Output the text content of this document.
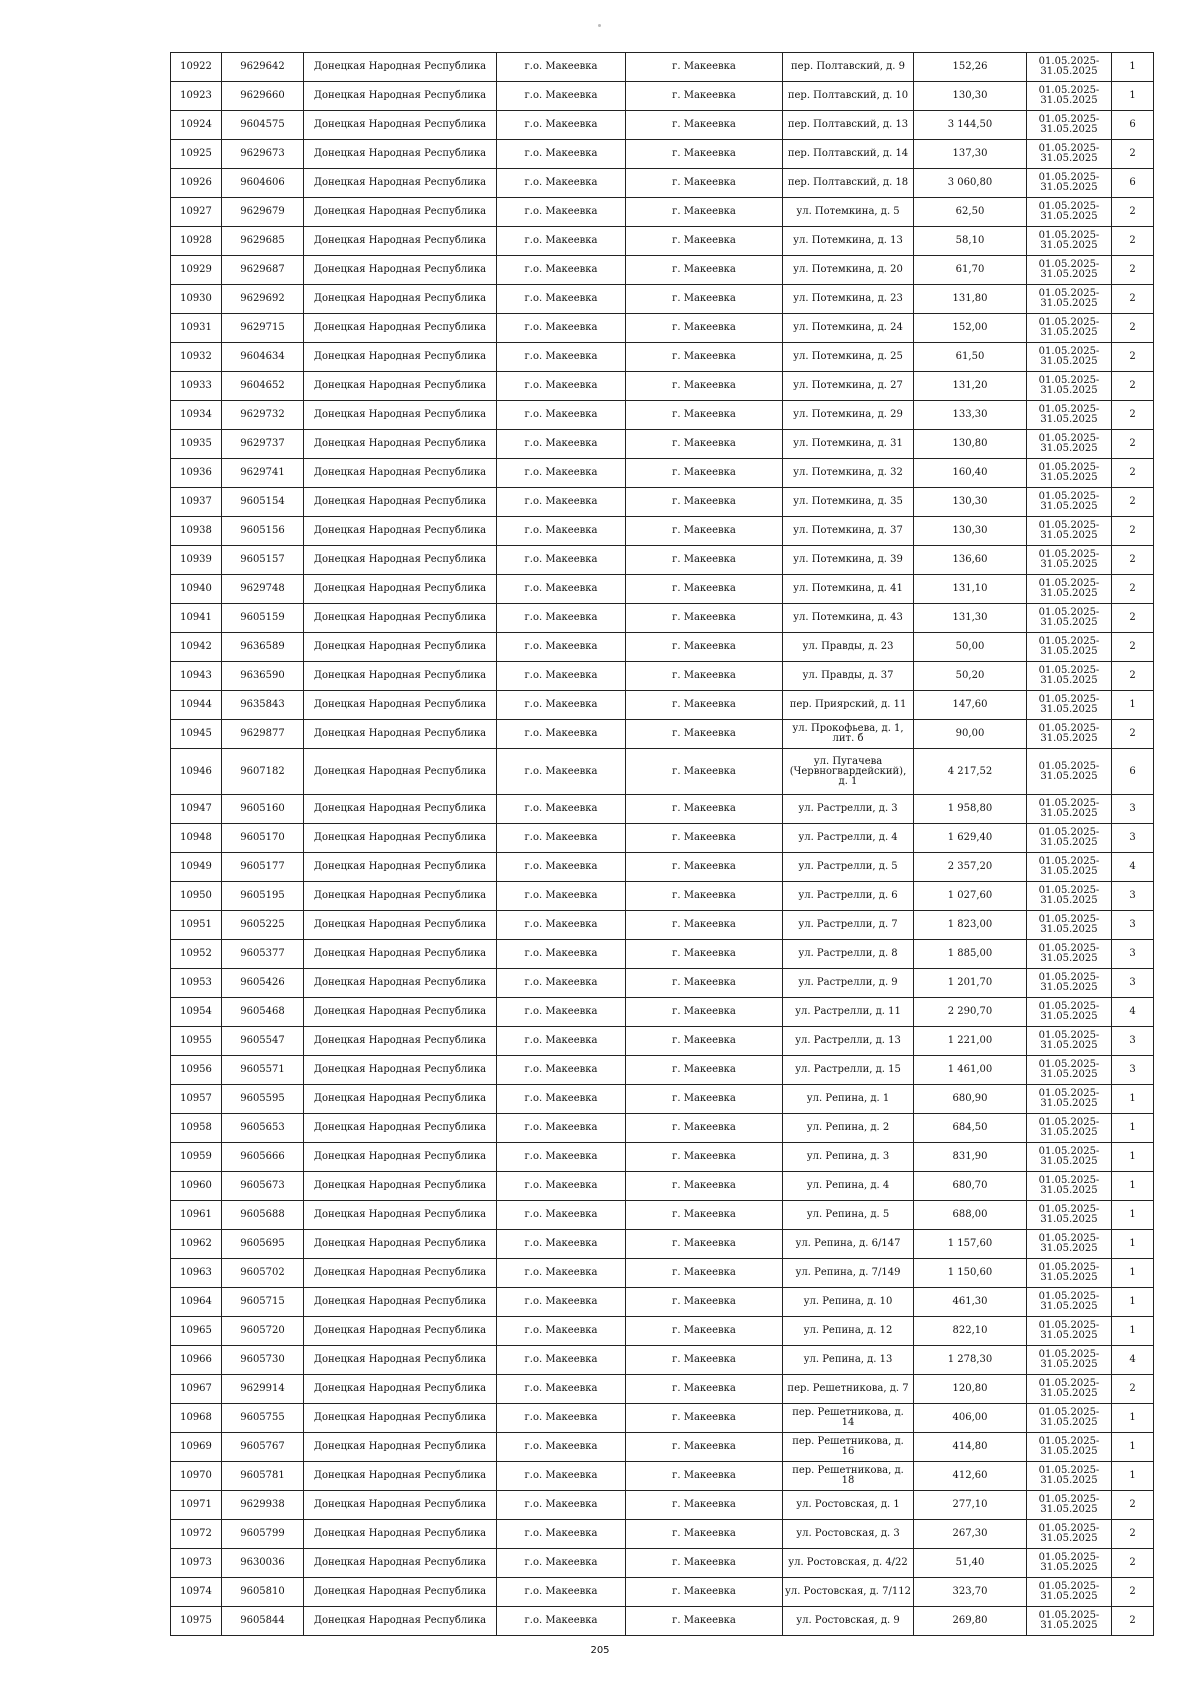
10922	9629642	Донецкая Народная Республика	г.о. Макеевка	г. Макеевка	пер. Полтавский, д. 9	152,26	01.05.2025-31.05.2025	1
10923	9629660	Донецкая Народная Республика	г.о. Макеевка	г. Макеевка	пер. Полтавский, д. 10	130,30	01.05.2025-31.05.2025	1
10924	9604575	Донецкая Народная Республика	г.о. Макеевка	г. Макеевка	пер. Полтавский, д. 13	3 144,50	01.05.2025-31.05.2025	6
10925	9629673	Донецкая Народная Республика	г.о. Макеевка	г. Макеевка	пер. Полтавский, д. 14	137,30	01.05.2025-31.05.2025	2
10926	9604606	Донецкая Народная Республика	г.о. Макеевка	г. Макеевка	пер. Полтавский, д. 18	3 060,80	01.05.2025-31.05.2025	6
10927	9629679	Донецкая Народная Республика	г.о. Макеевка	г. Макеевка	ул. Потемкина, д. 5	62,50	01.05.2025-31.05.2025	2
10928	9629685	Донецкая Народная Республика	г.о. Макеевка	г. Макеевка	ул. Потемкина, д. 13	58,10	01.05.2025-31.05.2025	2
10929	9629687	Донецкая Народная Республика	г.о. Макеевка	г. Макеевка	ул. Потемкина, д. 20	61,70	01.05.2025-31.05.2025	2
10930	9629692	Донецкая Народная Республика	г.о. Макеевка	г. Макеевка	ул. Потемкина, д. 23	131,80	01.05.2025-31.05.2025	2
10931	9629715	Донецкая Народная Республика	г.о. Макеевка	г. Макеевка	ул. Потемкина, д. 24	152,00	01.05.2025-31.05.2025	2
10932	9604634	Донецкая Народная Республика	г.о. Макеевка	г. Макеевка	ул. Потемкина, д. 25	61,50	01.05.2025-31.05.2025	2
10933	9604652	Донецкая Народная Республика	г.о. Макеевка	г. Макеевка	ул. Потемкина, д. 27	131,20	01.05.2025-31.05.2025	2
10934	9629732	Донецкая Народная Республика	г.о. Макеевка	г. Макеевка	ул. Потемкина, д. 29	133,30	01.05.2025-31.05.2025	2
10935	9629737	Донецкая Народная Республика	г.о. Макеевка	г. Макеевка	ул. Потемкина, д. 31	130,80	01.05.2025-31.05.2025	2
10936	9629741	Донецкая Народная Республика	г.о. Макеевка	г. Макеевка	ул. Потемкина, д. 32	160,40	01.05.2025-31.05.2025	2
10937	9605154	Донецкая Народная Республика	г.о. Макеевка	г. Макеевка	ул. Потемкина, д. 35	130,30	01.05.2025-31.05.2025	2
10938	9605156	Донецкая Народная Республика	г.о. Макеевка	г. Макеевка	ул. Потемкина, д. 37	130,30	01.05.2025-31.05.2025	2
10939	9605157	Донецкая Народная Республика	г.о. Макеевка	г. Макеевка	ул. Потемкина, д. 39	136,60	01.05.2025-31.05.2025	2
10940	9629748	Донецкая Народная Республика	г.о. Макеевка	г. Макеевка	ул. Потемкина, д. 41	131,10	01.05.2025-31.05.2025	2
10941	9605159	Донецкая Народная Республика	г.о. Макеевка	г. Макеевка	ул. Потемкина, д. 43	131,30	01.05.2025-31.05.2025	2
10942	9636589	Донецкая Народная Республика	г.о. Макеевка	г. Макеевка	ул. Правды, д. 23	50,00	01.05.2025-31.05.2025	2
10943	9636590	Донецкая Народная Республика	г.о. Макеевка	г. Макеевка	ул. Правды, д. 37	50,20	01.05.2025-31.05.2025	2
10944	9635843	Донецкая Народная Республика	г.о. Макеевка	г. Макеевка	пер. Приярский, д. 11	147,60	01.05.2025-31.05.2025	1
10945	9629877	Донецкая Народная Республика	г.о. Макеевка	г. Макеевка	ул. Прокофьева, д. 1, лит. б	90,00	01.05.2025-31.05.2025	2
10946	9607182	Донецкая Народная Республика	г.о. Макеевка	г. Макеевка	ул. Пугачева (Червногвардейский), д. 1	4 217,52	01.05.2025-31.05.2025	6
10947	9605160	Донецкая Народная Республика	г.о. Макеевка	г. Макеевка	ул. Растрелли, д. 3	1 958,80	01.05.2025-31.05.2025	3
10948	9605170	Донецкая Народная Республика	г.о. Макеевка	г. Макеевка	ул. Растрелли, д. 4	1 629,40	01.05.2025-31.05.2025	3
10949	9605177	Донецкая Народная Республика	г.о. Макеевка	г. Макеевка	ул. Растрелли, д. 5	2 357,20	01.05.2025-31.05.2025	4
10950	9605195	Донецкая Народная Республика	г.о. Макеевка	г. Макеевка	ул. Растрелли, д. 6	1 027,60	01.05.2025-31.05.2025	3
10951	9605225	Донецкая Народная Республика	г.о. Макеевка	г. Макеевка	ул. Растрелли, д. 7	1 823,00	01.05.2025-31.05.2025	3
10952	9605377	Донецкая Народная Республика	г.о. Макеевка	г. Макеевка	ул. Растрелли, д. 8	1 885,00	01.05.2025-31.05.2025	3
10953	9605426	Донецкая Народная Республика	г.о. Макеевка	г. Макеевка	ул. Растрелли, д. 9	1 201,70	01.05.2025-31.05.2025	3
10954	9605468	Донецкая Народная Республика	г.о. Макеевка	г. Макеевка	ул. Растрелли, д. 11	2 290,70	01.05.2025-31.05.2025	4
10955	9605547	Донецкая Народная Республика	г.о. Макеевка	г. Макеевка	ул. Растрелли, д. 13	1 221,00	01.05.2025-31.05.2025	3
10956	9605571	Донецкая Народная Республика	г.о. Макеевка	г. Макеевка	ул. Растрелли, д. 15	1 461,00	01.05.2025-31.05.2025	3
10957	9605595	Донецкая Народная Республика	г.о. Макеевка	г. Макеевка	ул. Репина, д. 1	680,90	01.05.2025-31.05.2025	1
10958	9605653	Донецкая Народная Республика	г.о. Макеевка	г. Макеевка	ул. Репина, д. 2	684,50	01.05.2025-31.05.2025	1
10959	9605666	Донецкая Народная Республика	г.о. Макеевка	г. Макеевка	ул. Репина, д. 3	831,90	01.05.2025-31.05.2025	1
10960	9605673	Донецкая Народная Республика	г.о. Макеевка	г. Макеевка	ул. Репина, д. 4	680,70	01.05.2025-31.05.2025	1
10961	9605688	Донецкая Народная Республика	г.о. Макеевка	г. Макеевка	ул. Репина, д. 5	688,00	01.05.2025-31.05.2025	1
10962	9605695	Донецкая Народная Республика	г.о. Макеевка	г. Макеевка	ул. Репина, д. 6/147	1 157,60	01.05.2025-31.05.2025	1
10963	9605702	Донецкая Народная Республика	г.о. Макеевка	г. Макеевка	ул. Репина, д. 7/149	1 150,60	01.05.2025-31.05.2025	1
10964	9605715	Донецкая Народная Республика	г.о. Макеевка	г. Макеевка	ул. Репина, д. 10	461,30	01.05.2025-31.05.2025	1
10965	9605720	Донецкая Народная Республика	г.о. Макеевка	г. Макеевка	ул. Репина, д. 12	822,10	01.05.2025-31.05.2025	1
10966	9605730	Донецкая Народная Республика	г.о. Макеевка	г. Макеевка	ул. Репина, д. 13	1 278,30	01.05.2025-31.05.2025	4
10967	9629914	Донецкая Народная Республика	г.о. Макеевка	г. Макеевка	пер. Решетникова, д. 7	120,80	01.05.2025-31.05.2025	2
10968	9605755	Донецкая Народная Республика	г.о. Макеевка	г. Макеевка	пер. Решетникова, д. 14	406,00	01.05.2025-31.05.2025	1
10969	9605767	Донецкая Народная Республика	г.о. Макеевка	г. Макеевка	пер. Решетникова, д. 16	414,80	01.05.2025-31.05.2025	1
10970	9605781	Донецкая Народная Республика	г.о. Макеевка	г. Макеевка	пер. Решетникова, д. 18	412,60	01.05.2025-31.05.2025	1
10971	9629938	Донецкая Народная Республика	г.о. Макеевка	г. Макеевка	ул. Ростовская, д. 1	277,10	01.05.2025-31.05.2025	2
10972	9605799	Донецкая Народная Республика	г.о. Макеевка	г. Макеевка	ул. Ростовская, д. 3	267,30	01.05.2025-31.05.2025	2
10973	9630036	Донецкая Народная Республика	г.о. Макеевка	г. Макеевка	ул. Ростовская, д. 4/22	51,40	01.05.2025-31.05.2025	2
10974	9605810	Донецкая Народная Республика	г.о. Макеевка	г. Макеевка	ул. Ростовская, д. 7/112	323,70	01.05.2025-31.05.2025	2
10975	9605844	Донецкая Народная Республика	г.о. Макеевка	г. Макеевка	ул. Ростовская, д. 9	269,80	01.05.2025-31.05.2025	2
205
